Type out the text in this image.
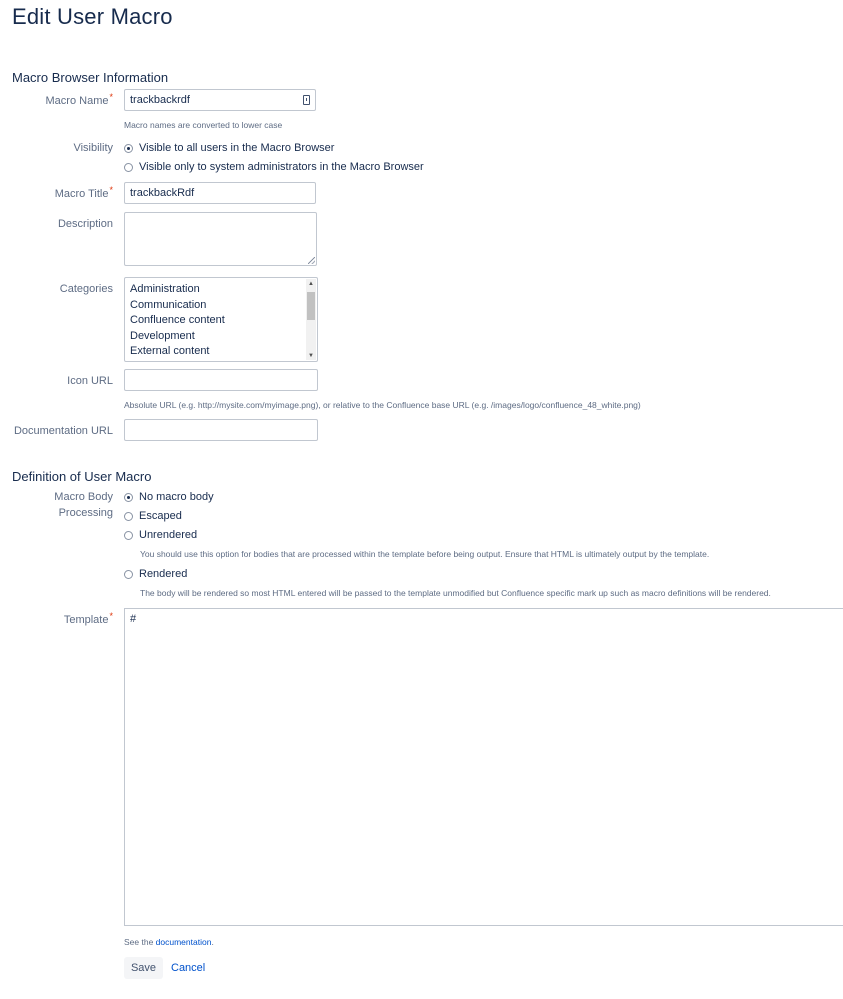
Edit User Macro
Macro Browser Information
Macro Name*	trackbackrdf
Macro names are converted to lower case
Visibility Visible to all users in the Macro Browser
Visible only to system administrators in the Macro Browser
Macro Title*	trackbackRdf
Description
Categories Administration
Communication
Confluence content
Development
External content
▲
▼
Icon URL
Absolute URL (e.g. http://mysite.com/myimage.png), or relative to the Confluence base URL (e.g. /images/logo/confluence_48_white.png)
Documentation URL
Definition of User Macro
Macro Body
Processing
No macro body
Escaped
Unrendered
You should use this option for bodies that are processed within the template before being output. Ensure that HTML is ultimately output by the template.
Rendered
The body will be rendered so most HTML entered will be passed to the template unmodified but Confluence specific mark up such as macro definitions will be rendered.
Template*	#
See the documentation.
Save	Cancel
